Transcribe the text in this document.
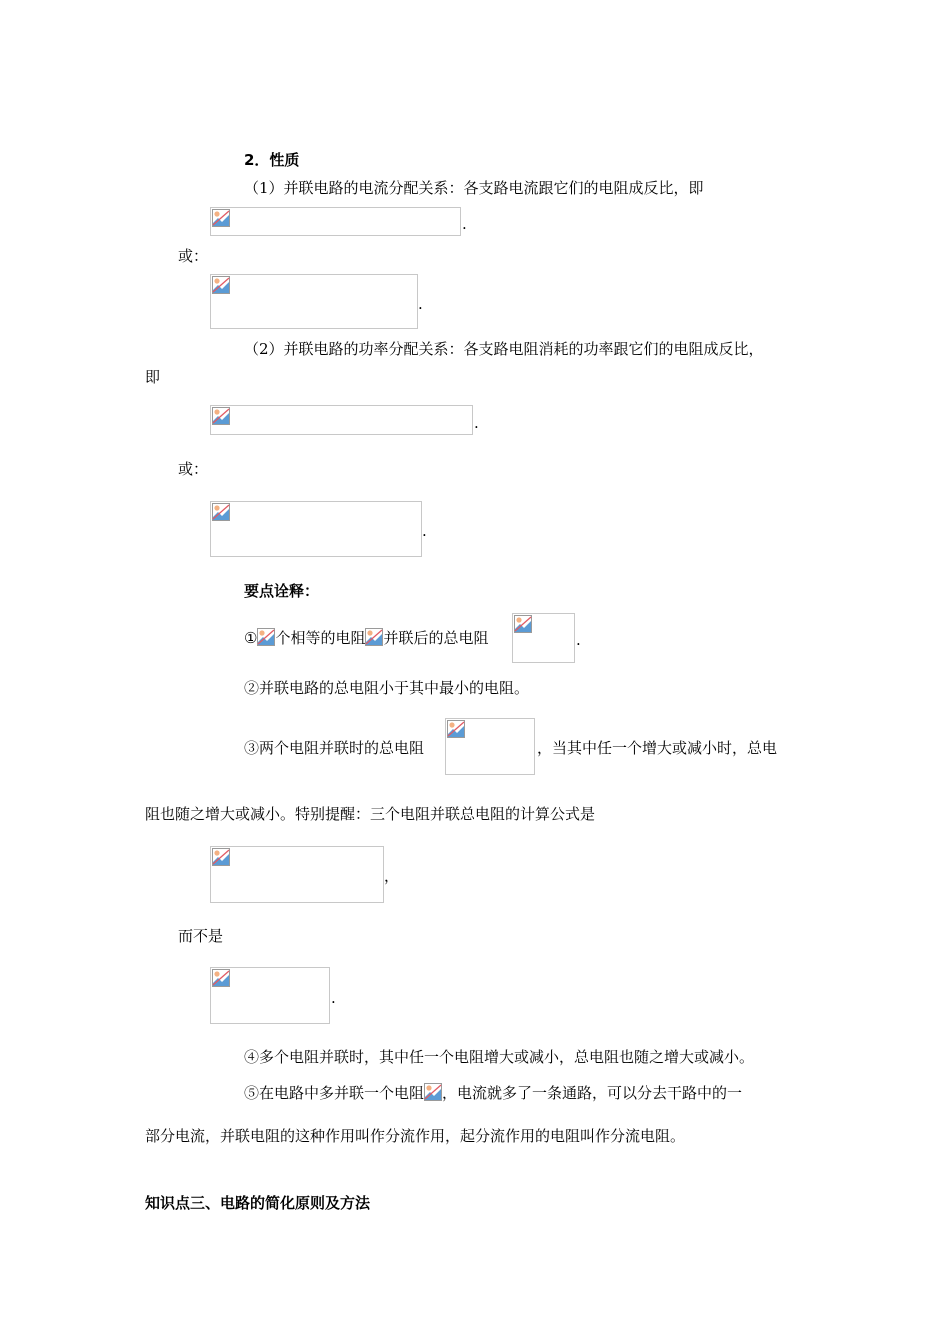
2．性质
（1）并联电路的电流分配关系：各支路电流跟它们的电阻成反比，即
.
或：
.
（2）并联电路的功率分配关系：各支路电阻消耗的功率跟它们的电阻成反比，
即
.
或：
.
要点诠释：
① 个相等的电阻 并联后的总电阻	.
②并联电路的总电阻小于其中最小的电阻。
③两个电阻并联时的总电阻	，当其中任一个增大或减小时，总电
阻也随之增大或减小。特别提醒：三个电阻并联总电阻的计算公式是
，
而不是
.
④多个电阻并联时，其中任一个电阻增大或减小，总电阻也随之增大或减小。
⑤在电路中多并联一个电阻 ，电流就多了一条通路，可以分去干路中的一
部分电流，并联电阻的这种作用叫作分流作用，起分流作用的电阻叫作分流电阻。
知识点三、电路的简化原则及方法
